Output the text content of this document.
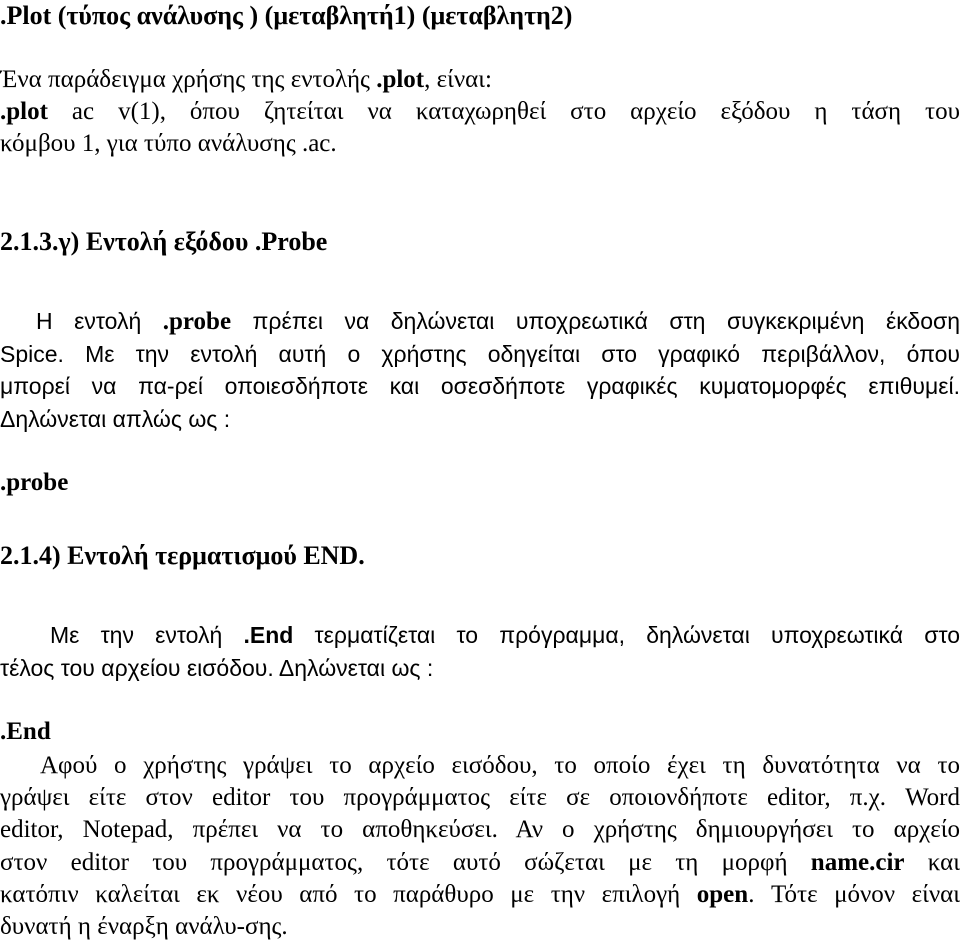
.Plot (τύπος ανάλυσης ) (μεταβλητή1) (μεταβλητη2)
Ένα παράδειγμα χρήσης της εντολής .plot, είναι:
.plot ac v(1), όπου ζητείται να καταχωρηθεί στο αρχείο εξόδου η τάση του
κόμβου 1, για τύπο ανάλυσης .ac.
2.1.3.γ) Εντολή εξόδου .Probe
Η εντολή .probe πρέπει να δηλώνεται υποχρεωτικά στη συγκεκριμένη έκδοση
Spice. Με την εντολή αυτή ο χρήστης οδηγείται στο γραφικό περιβάλλον, όπου
μπορεί να πα-ρεί οποιεσδήποτε και οσεσδήποτε γραφικές κυματομορφές επιθυμεί.
Δηλώνεται απλώς ως :
.probe
2.1.4) Εντολή τερματισμού END.
Με την εντολή .End τερματίζεται το πρόγραμμα, δηλώνεται υποχρεωτικά στο
τέλος του αρχείου εισόδου. Δηλώνεται ως :
.End
Αφού ο χρήστης γράψει το αρχείο εισόδου, το οποίο έχει τη δυνατότητα να το
γράψει είτε στον editor του προγράμματος είτε σε οποιονδήποτε editor, π.χ. Word
editor, Notepad, πρέπει να το αποθηκεύσει. Αν ο χρήστης δημιουργήσει το αρχείο
στον editor του προγράμματος, τότε αυτό σώζεται με τη μορφή name.cir και
κατόπιν καλείται εκ νέου από το παράθυρο με την επιλογή open. Τότε μόνον είναι
δυνατή η έναρξη ανάλυ-σης.
